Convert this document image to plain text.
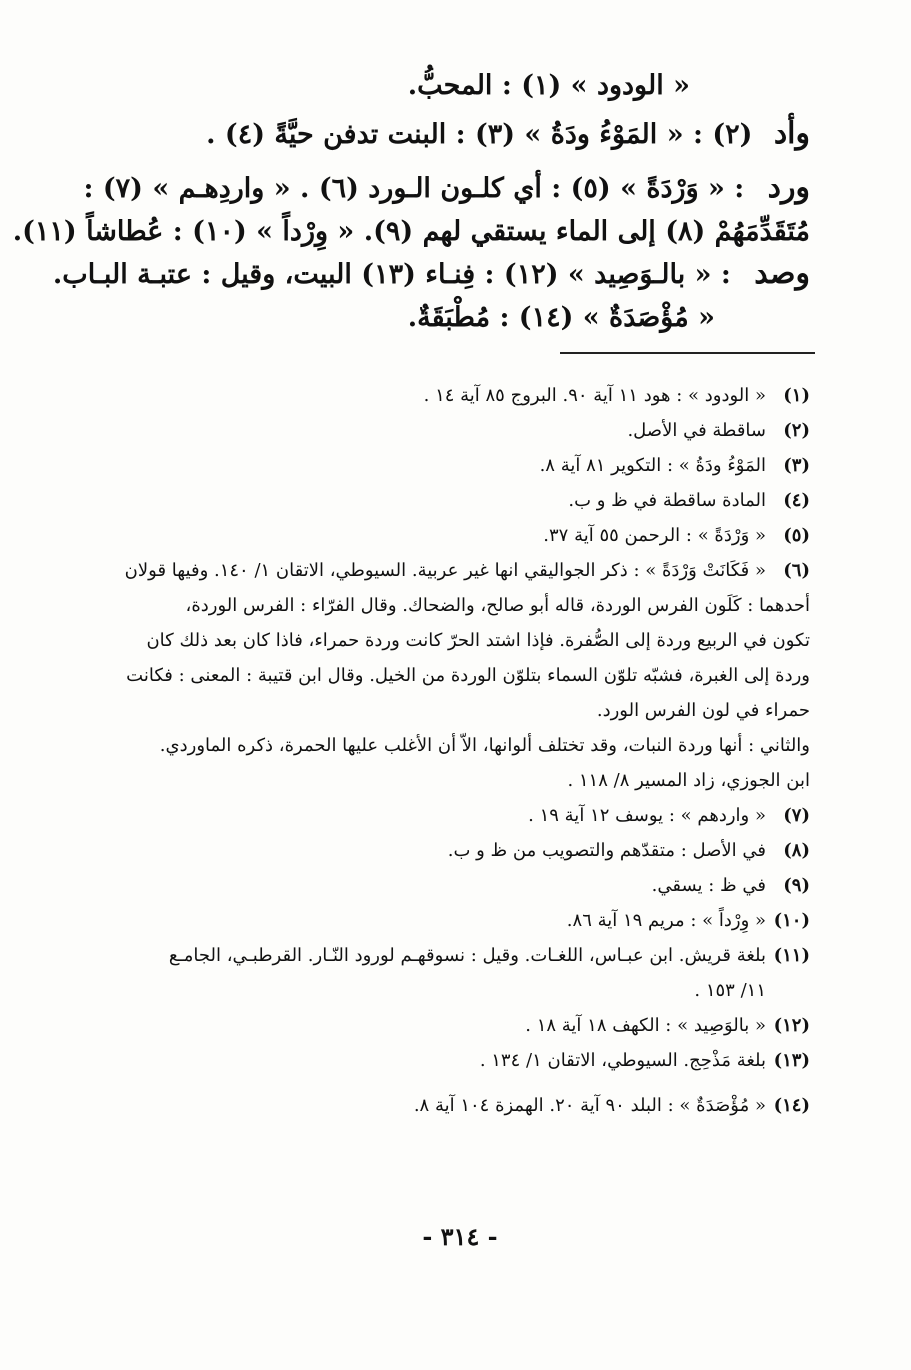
« الودود » (١) : المحبُّ.
وأد (٢) : « المَوْءُ ودَةُ » (٣) : البنت تدفن حيَّةً (٤) .
ورد : « وَرْدَةً » (٥) : أي كلـون الـورد (٦) . « واردِهـم » (٧) :
مُتَقَدِّمَهُمْ (٨) إلى الماء يستقي لهم (٩). « وِرْداً » (١٠) : عُطاشاً (١١).
وصد : « بالـوَصِيد » (١٢) : فِنـاء (١٣) البيت، وقيل : عتبـة البـاب.
« مُؤْصَدَةٌ » (١٤) : مُطْبَقَةٌ.
(١)
« الودود » : هود ١١ آية ٩٠. البروج ٨٥ آية ١٤ .
(٢)
ساقطة في الأصل.
(٣)
المَوْءُ ودَةُ » : التكوير ٨١ آية ٨.
(٤)
المادة ساقطة في ظ و ب.
(٥)
« وَرْدَةً » : الرحمن ٥٥ آية ٣٧.
(٦)
« فَكَانَتْ وَرْدَةً » : ذكر الجواليقي انها غير عربية. السيوطي، الاتقان ١/ ١٤٠. وفيها قولان
أحدهما : كَلَون الفرس الوردة، قاله أبو صالح، والضحاك. وقال الفرّاء : الفرس الوردة،
تكون في الربيع وردة إلى الصُّفرة. فإذا اشتد الحرّ كانت وردة حمراء، فاذا كان بعد ذلك كان
وردة إلى الغبرة، فشبّه تلوّن السماء بتلوّن الوردة من الخيل. وقال ابن قتيبة : المعنى : فكانت
حمراء في لون الفرس الورد.
والثاني : أنها وردة النبات، وقد تختلف ألوانها، الاّ أن الأغلب عليها الحمرة، ذكره الماوردي.
ابن الجوزي، زاد المسير ٨/ ١١٨ .
(٧)
« واردهم » : يوسف ١٢ آية ١٩ .
(٨)
في الأصل : متقدّهم والتصويب من ظ و ب.
(٩)
في ظ : يسقي.
(١٠)
« وِرْداً » : مريم ١٩ آية ٨٦.
(١١)
بلغة قريش. ابن عبـاس، اللغـات. وقيل : نسوقهـم لورود النّـار. القرطبـي، الجامـع
١١/ ١٥٣ .
(١٢)
« بالوَصِيد » : الكهف ١٨ آية ١٨ .
(١٣)
بلغة مَذْحِج. السيوطي، الاتقان ١/ ١٣٤ .
(١٤)
« مُؤْصَدَةٌ » : البلد ٩٠ آية ٢٠. الهمزة ١٠٤ آية ٨.
- ٣١٤ -
